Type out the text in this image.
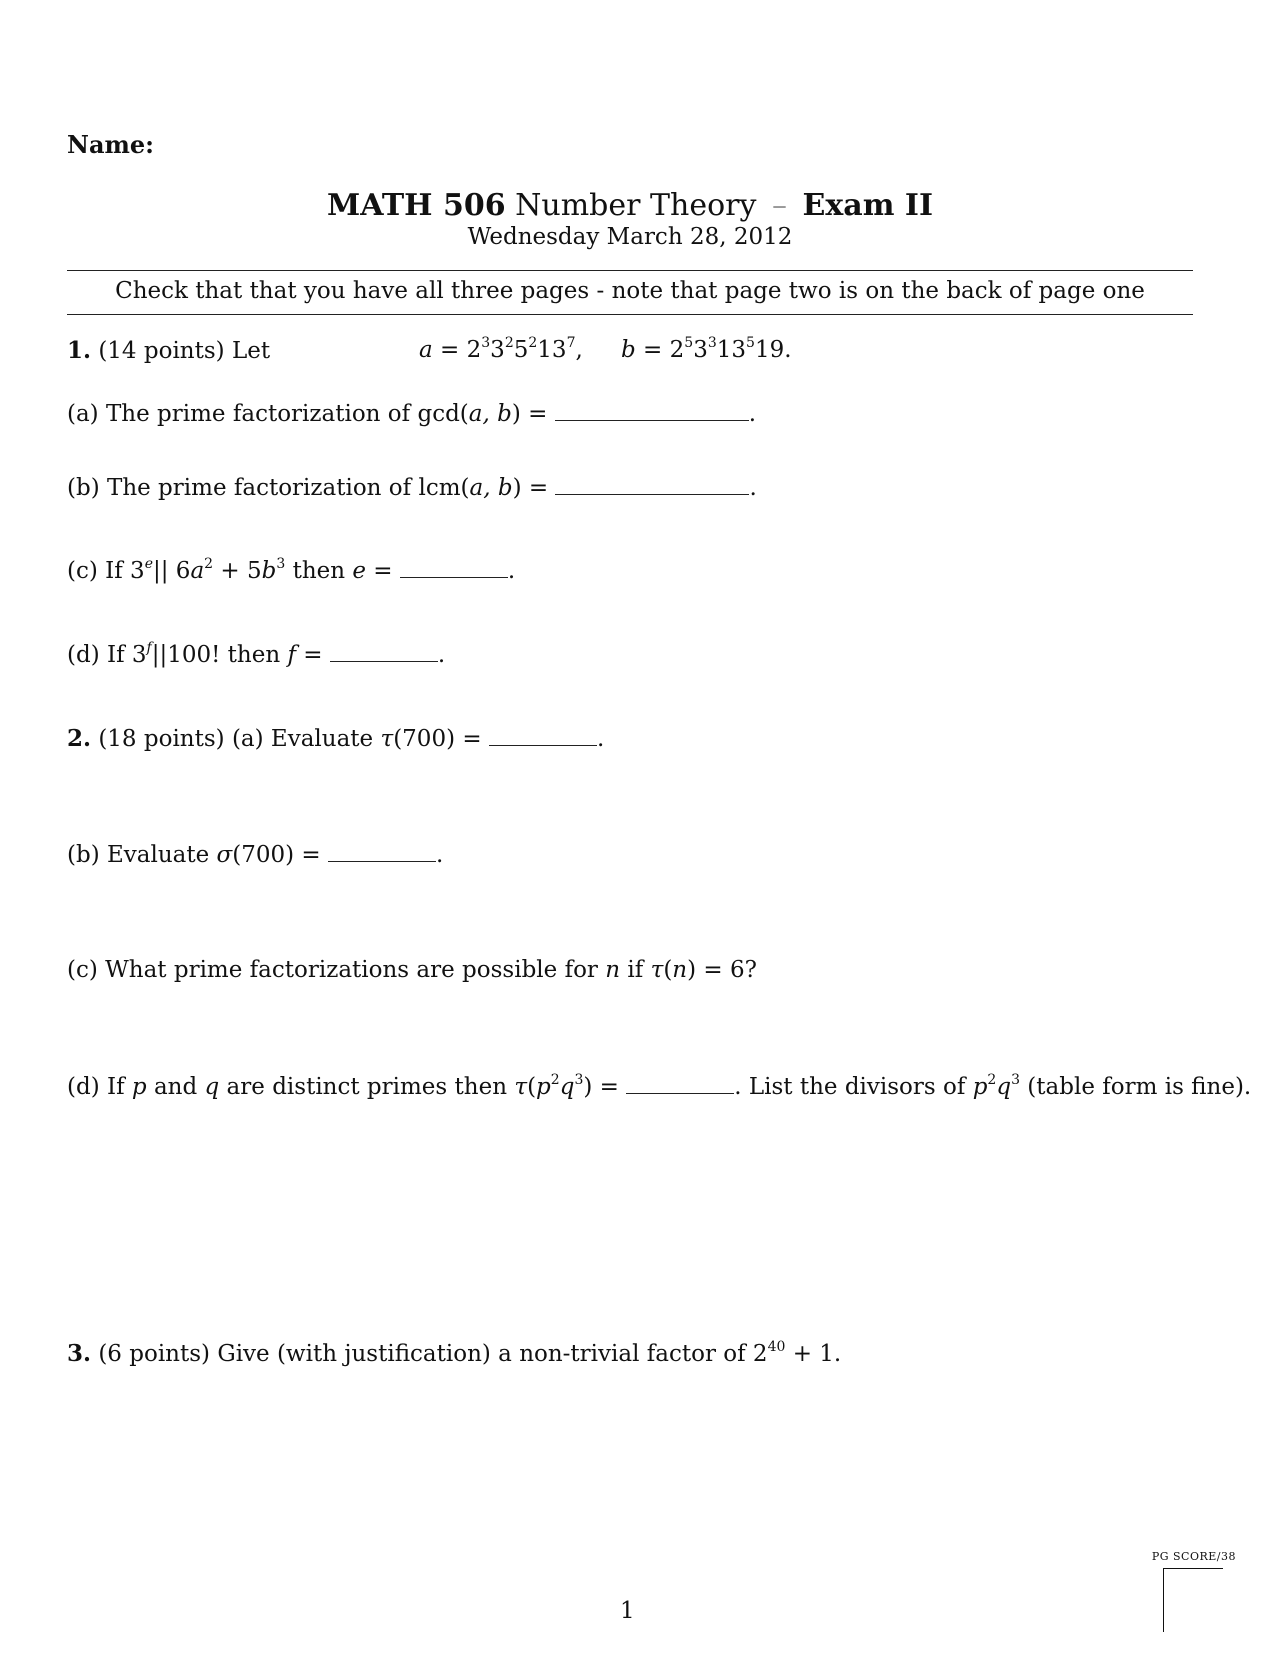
Name:
MATH 506 Number Theory – Exam II
Wednesday March 28, 2012
Check that that you have all three pages - note that page two is on the back of page one
1. (14 points) Let	$a = 2^33^25^213^7$, $b = 2^53^313^519$.
(a) The prime factorization of gcd(a, b) =	.
(b) The prime factorization of lcm(a, b) =	.
(c) If 3e|| $6a^2 + 5b^3$ then e =	.
(d) If 3$^f$||100! then f =	.
2. (18 points) (a) Evaluate τ(700) =	.
(b) Evaluate σ(700) =	.
(c) What prime factorizations are possible for n if τ(n) = 6?
(d) If p and q are distinct primes then $\tau(p^2q^3)$ =	. List the divisors of $p^2q^3$ (table form is fine).
3. (6 points) Give (with justification) a non-trivial factor of $2^{40} + 1$.
PG SCORE/38
1
